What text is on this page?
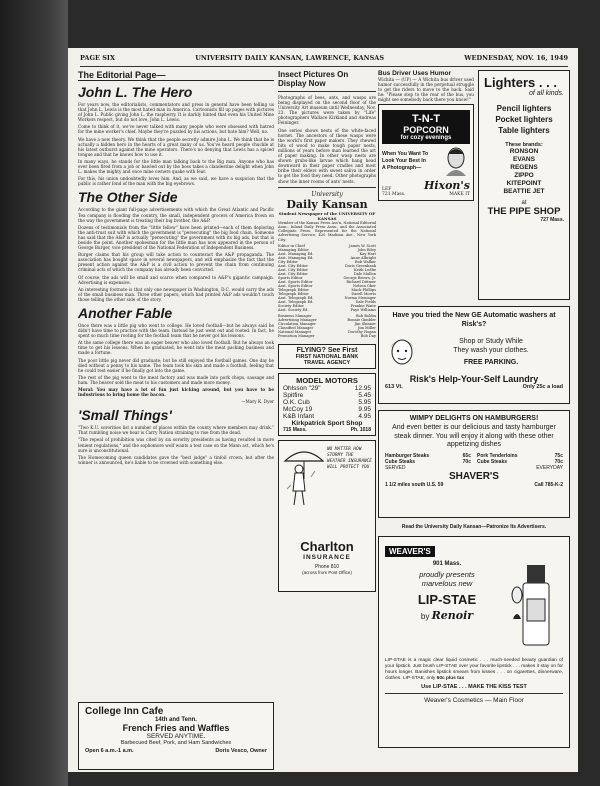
PAGE SIX	UNIVERSITY DAILY KANSAN, LAWRENCE, KANSAS	WEDNESDAY, NOV. 16, 1949
The Editorial Page—
John L. The Hero

For years now, the editorialists, commentators and press in general have been telling us that John L. Lewis is the most hated man in America. Cartoonists fill up pages with pictures of John L. Public giving John L. the raspberry. It is darkly hinted that even his United Mine Workers respect, but do not love, John L. Lewis.

Come to think of it, we've never talked with many people who were obsessed with hatred for the mine worker's chief. Maybe they're puzzled by his actions, but hate him? Well, no.

We have a new theory. We think that the people secretly admire John L. We think that he is actually a hidden hero in the hearts of a great many of us. You've heard people chuckle at his latest outburst against the mine operators. There's no denying that Lewis has a spiced tongue and that he knows how to use it.

In many ways, he stands for the little man talking back to the Big man. Anyone who has ever been fired from a job or bawled out by the boss takes a clandestine delight when John L. makes the mighty and once mine owners quake with fear.

For this, his union undoubtedly loves him. And, as we said, we have a suspicion that the public is rather fond of the man with the big eyebrows.

The Other Side

According to the giant full-page advertisements with which the Great Atlantic and Pacific Tea company is flooding the country, the small, independent grocers of America frown on the way the government is treating their big brother, the A&P.

Dozens of testimonials from the "little fellow" have been printed—each of them deploring the anti-trust suit with which the government is "persecuting" the big food chain. Someone has said that the A&P is actually "persecuting" the government with its big ads, but that is beside the point. Another spokesman for the little man has now appeared in the person of George Burger, vice president of the National Federation of Independent Business.

Burger claims that his group will take action to counteract the A&P propaganda. The association has bought space in several newspapers, and will emphasize the fact that the present action against the A&P is a civil action to prevent the chain from continuing criminal acts of which the company has already been convicted.

Of course, the ads will be small and scarce when compared to A&P's gigantic campaign. Advertising is expensive.

An interesting footnote is that only one newspaper in Washington, D.C. would carry the ads of the small business man. Three other papers, which had printed A&P ads wouldn't touch those telling the other side of the story.

Another Fable

Once there was a little pig who went to college. He loved football—but he always said he didn't have time to practice with the team. Instead he just went out and rooted. In fact, he spent so much time rooting for the football team that he never got his lessons.

At the same college there was an eager beaver who also loved football. But he always took time to get his lessons. When he graduated, he went into the meat packing business and made a fortune.

The poor little pig never did graduate; but he still enjoyed the football games. One day he died without a penny to his name. The team took his skin and made a football, feeling that he could rest easier if he finally got into the game.

The rest of the pig went to the meat factory and was made into pork chops, sausage and ham. The beaver sold the meat to his customers and made more money.

Moral: You may have a lot of fun just kicking around, but you have to be industrious to bring home the bacon.

—Mary K. Dyer
'Small Things'

"Two K.U. sororities list a number of places within the county where members may drink." That rumbling noise we hear is Carry Nation straining to rise from the dead.

"The repeal of prohibition was cited by six sorority presidents as having resulted in more lenient regulations," and the sophomore wolf wants a test case on the Mann act, which he's sure is unconstitutional.

The Homecoming queen candidates gave the "best judge" a tinfoil crown, but after the winner is announced, he's liable to be crowned with something else.

College Inn Cafe
14th and Tenn.
French Fries and Waffles
SERVED ANYTIME.
Barbecued Beef, Pork, and Ham Sandwiches
Open 6 a.m.-1 a.m.	Doris Vesco, Owner
Insect Pictures On Display Now

Photographs of bees, ants, and wasps are being displayed on the second floor of the University Art museum until Wednesday, Nov. 23. The pictures were taken by "Life" photographers Wallace Kirkland and Andreas Feininger.

One series shows nests of the white-faced hornet. The ancestors of these wasps were the world's first paper makers. They chewed bits of wood to make tough paper nests, millions of years before man learned the art of paper making. In other wasp nests are shown grubs-like larvae which hang head downward in their paper cradles and most bribe their elders with sweet saliva in order to get the food they need. Other photographs show the inner rooms of ants' nests.

University
Daily Kansan
Student Newspaper of the UNIVERSITY OF KANSAS

Member of the Kansas Press Ass'n, National Editorial Assn., Inland Daily Press Assn., and the Associated Collegiate Press. Represented for the National Advertising Service, 420 Madison Ave., New York City.

Editor in Chief	James W. Scott
Managing Editor	John Riley
Asst. Managing Ed.	Kay Hart
Asst. Managing Ed.	Anne Albright
City Editor	Bob Walker
Asst. City Editor	Doris Greenbank
Asst. City Editor	Keith Ledlie
Asst. City Editor	Dale Mullen
Sports Editor	George Brown, Jr.
Asst. Sports Editor	Richard Dittmer
Asst. Sports Editor	Nelson Ober
Telegraph Editor	Mack Phillips
Telegraph Editor	Darell Morris
Asst. Telegraph Ed.	Norma Moninger
Asst. Telegraph Ed.	Dale Fields
Society Editor	Frankie Waite
Asst. Society Ed.	Faye Williams
Business Manager	Bob Boldin
Advertising Manager	Bonnie Gimbler
Circulation Manager	Jim Skinner
Classified Manager	Jim Miller
National Manager	Dorothy Hogan
Promotion Manager	Bob Day
FLYING? See First
FIRST NATIONAL BANK
TRAVEL AGENCY
MODEL MOTORS
Ohlsson "29"	12.95
Spitfire	5.45
O.K. Cub	5.95
McCoy 19	9.95
K&B Infant	4.95
Kirkpatrick Sport Shop
715 Mass.	Ph. 1018
NO MATTER HOW STORMY THE WEATHER INSURANCE WILL PROTECT YOU
Charlton
INSURANCE
Phone 810
(across from Post Office)
Bus Driver Uses Humor

Wichita — (UP) — A Wichita bus driver used humor successfully in the perpetual struggle to get the riders to move to the back. Said he: "Please step to the rear of the bus, you might see somebody back there you know!"

T-N-T
POPCORN
for cozy evenings
When You Want To
Look Your Best In
A Photograph—
LEF	Hixon's
721 Mass.	MAKE IT
Lighters . . .
of all kinds.
Pencil lighters
Pocket lighters
Table lighters
These brands:
RONSON
EVANS
REGENS
ZIPPO
KITEPOINT
BEATTIE JET
at
THE PIPE SHOP
727 Mass.
Have you tried the New GE Automatic washers at Risk's?
Shop or Study While
They wash your clothes.
FREE PARKING.
Risk's Help-Your-Self Laundry
613 Vt.	Only 25c a load
WIMPY DELIGHTS ON HAMBURGERS!
And even better is our delicious and tasty hamburger steak dinner. You will enjoy it along with these other appetizing dishes
Hamburger Steaks	65c
Cube Steaks	70c
Pork Tenderloins	75c
Cube Steaks	70c
SERVED	EVERYDAY
SHAVER'S
1 1/2 miles south U.S. 59	Call 785-K-2
Read the University Daily Kansan—Patronize Its Advertisers.
WEAVER'S
901 Mass.
proudly presents
marvelous new
LIP-STAE
by Renoir
LIP-STAE is a magic clear liquid cosmetic . . . much-needed beauty guardian of your lipstick. Just brush LIP-STAE over your favorite lipstick . . . makes it stay on for hours longer. Banishes lipstick smears from kisses . . . on cigarettes, dinnerware, clothes. LIP-STAE, only 60c plus tax
Use LIP-STAE . . . MAKE THE KISS TEST
Weaver's Cosmetics — Main Floor
